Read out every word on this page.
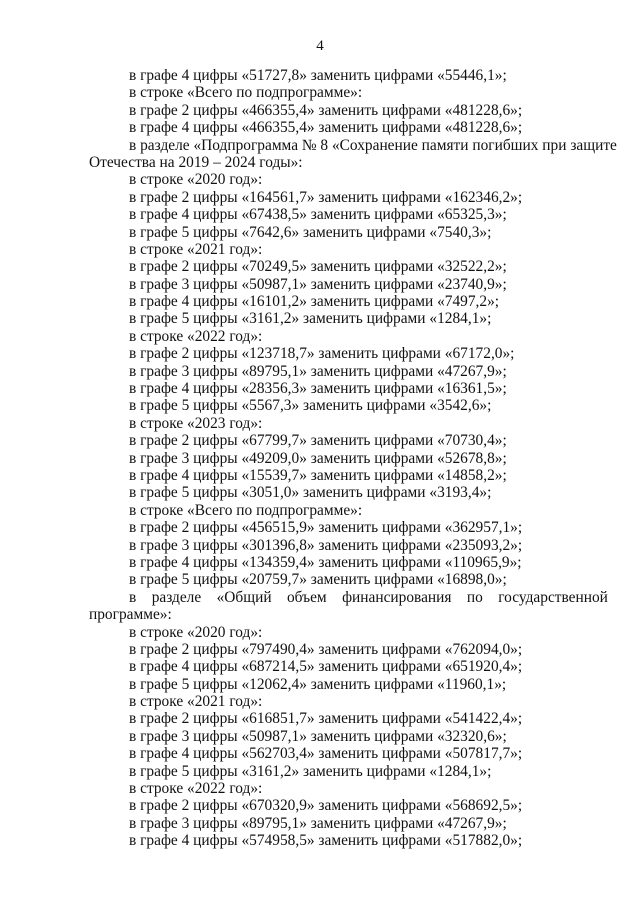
4
в графе 4 цифры «51727,8» заменить цифрами «55446,1»;
в строке «Всего по подпрограмме»:
в графе 2 цифры «466355,4» заменить цифрами «481228,6»;
в графе 4 цифры «466355,4» заменить цифрами «481228,6»;
в разделе «Подпрограмма № 8 «Сохранение памяти погибших при защите
Отечества на 2019 – 2024 годы»:
в строке «2020 год»:
в графе 2 цифры «164561,7» заменить цифрами «162346,2»;
в графе 4 цифры «67438,5» заменить цифрами «65325,3»;
в графе 5 цифры «7642,6» заменить цифрами «7540,3»;
в строке «2021 год»:
в графе 2 цифры «70249,5» заменить цифрами «32522,2»;
в графе 3 цифры «50987,1» заменить цифрами «23740,9»;
в графе 4 цифры «16101,2» заменить цифрами «7497,2»;
в графе 5 цифры «3161,2» заменить цифрами «1284,1»;
в строке «2022 год»:
в графе 2 цифры «123718,7» заменить цифрами «67172,0»;
в графе 3 цифры «89795,1» заменить цифрами «47267,9»;
в графе 4 цифры «28356,3» заменить цифрами «16361,5»;
в графе 5 цифры «5567,3» заменить цифрами «3542,6»;
в строке «2023 год»:
в графе 2 цифры «67799,7» заменить цифрами «70730,4»;
в графе 3 цифры «49209,0» заменить цифрами «52678,8»;
в графе 4 цифры «15539,7» заменить цифрами «14858,2»;
в графе 5 цифры «3051,0» заменить цифрами «3193,4»;
в строке «Всего по подпрограмме»:
в графе 2 цифры «456515,9» заменить цифрами «362957,1»;
в графе 3 цифры «301396,8» заменить цифрами «235093,2»;
в графе 4 цифры «134359,4» заменить цифрами «110965,9»;
в графе 5 цифры «20759,7» заменить цифрами «16898,0»;
в разделе «Общий объем финансирования по государственной
программе»:
в строке «2020 год»:
в графе 2 цифры «797490,4» заменить цифрами «762094,0»;
в графе 4 цифры «687214,5» заменить цифрами «651920,4»;
в графе 5 цифры «12062,4» заменить цифрами «11960,1»;
в строке «2021 год»:
в графе 2 цифры «616851,7» заменить цифрами «541422,4»;
в графе 3 цифры «50987,1» заменить цифрами «32320,6»;
в графе 4 цифры «562703,4» заменить цифрами «507817,7»;
в графе 5 цифры «3161,2» заменить цифрами «1284,1»;
в строке «2022 год»:
в графе 2 цифры «670320,9» заменить цифрами «568692,5»;
в графе 3 цифры «89795,1» заменить цифрами «47267,9»;
в графе 4 цифры «574958,5» заменить цифрами «517882,0»;
